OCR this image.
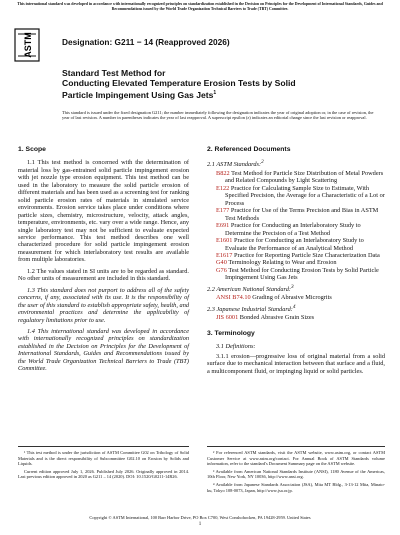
This international standard was developed in accordance with internationally recognized principles on standardization established in the Decision on Principles for the Development of International Standards, Guides and Recommendations issued by the World Trade Organization Technical Barriers to Trade (TBT) Committee.
ASTM	Designation: G211 − 14 (Reapproved 2026)
Standard Test Method for
Conducting Elevated Temperature Erosion Tests by Solid
Particle Impingement Using Gas Jets$^1$
This standard is issued under the fixed designation G211; the number immediately following the designation indicates the year of original adoption or, in the case of revision, the year of last revision. A number in parentheses indicates the year of last reapproval. A superscript epsilon (ε) indicates an editorial change since the last revision or reapproval.
1. Scope

1.1 This test method is concerned with the determination of material loss by gas-entrained solid particle impingement erosion with jet nozzle type erosion equipment. This test method can be used in the laboratory to measure the solid particle erosion of different materials and has been used as a screening test for ranking solid particle erosion rates of materials in simulated service environments. Erosion service takes place under conditions where particle sizes, chemistry, microstructure, velocity, attack angles, temperature, environments, etc. vary over a wide range. Hence, any single laboratory test may not be sufficient to evaluate expected service performance. This test method describes one well characterized procedure for solid particle impingement erosion measurement for which interlaboratory test results are available from multiple laboratories.

1.2 The values stated in SI units are to be regarded as standard. No other units of measurement are included in this standard.

1.3 This standard does not purport to address all of the safety concerns, if any, associated with its use. It is the responsibility of the user of this standard to establish appropriate safety, health, and environmental practices and determine the applicability of regulatory limitations prior to use.

1.4 This international standard was developed in accordance with internationally recognized principles on standardization established in the Decision on Principles for the Development of International Standards, Guides and Recommendations issued by the World Trade Organization Technical Barriers to Trade (TBT) Committee.

2. Referenced Documents
2.1 ASTM Standards:$^2$
B822 Test Method for Particle Size Distribution of Metal Powders and Related Compounds by Light Scattering
E122 Practice for Calculating Sample Size to Estimate, With Specified Precision, the Average for a Characteristic of a Lot or Process
E177 Practice for Use of the Terms Precision and Bias in ASTM Test Methods
E691 Practice for Conducting an Interlaboratory Study to Determine the Precision of a Test Method
E1601 Practice for Conducting an Interlaboratory Study to Evaluate the Performance of an Analytical Method
E1617 Practice for Reporting Particle Size Characterization Data
G40 Terminology Relating to Wear and Erosion
G76 Test Method for Conducting Erosion Tests by Solid Particle Impingement Using Gas Jets
2.2 American National Standard:$^3$
ANSI B74.10 Grading of Abrasive Microgrits
2.3 Japanese Industrial Standard:$^4$
JIS 6001 Bonded Abrasive Grain Sizes
3. Terminology
3.1 Definitions:

3.1.1 erosion—progressive loss of original material from a solid surface due to mechanical interaction between that surface and a fluid, a multicomponent fluid, or impinging liquid or solid particles.

¹ This test method is under the jurisdiction of ASTM Committee G02 on Tribology of Solid Materials and is the direct responsibility of Subcommittee G02.10 on Erosion by Solids and Liquids.

Current edition approved July 1, 2026. Published July 2026. Originally approved in 2014. Last previous edition approved in 2020 as G211 – 14 (2020). DOI: 10.1520/G0211-14R26.

² For referenced ASTM standards, visit the ASTM website, www.astm.org, or contact ASTM Customer Service at www.astm.org/contact. For Annual Book of ASTM Standards volume information, refer to the standard's Document Summary page on the ASTM website.

³ Available from American National Standards Institute (ANSI), 1180 Avenue of the Americas, 10th Floor, New York, NY 10036, http://www.ansi.org.

⁴ Available from Japanese Standards Association (JSA), Mita MT Bldg., 3-13-12 Mita, Minato-ku, Tokyo 108-0073, Japan, http://www.jsa.or.jp.

Copyright © ASTM International, 100 Barr Harbor Drive, PO Box C700, West Conshohocken, PA 19428-2959. United States
1
